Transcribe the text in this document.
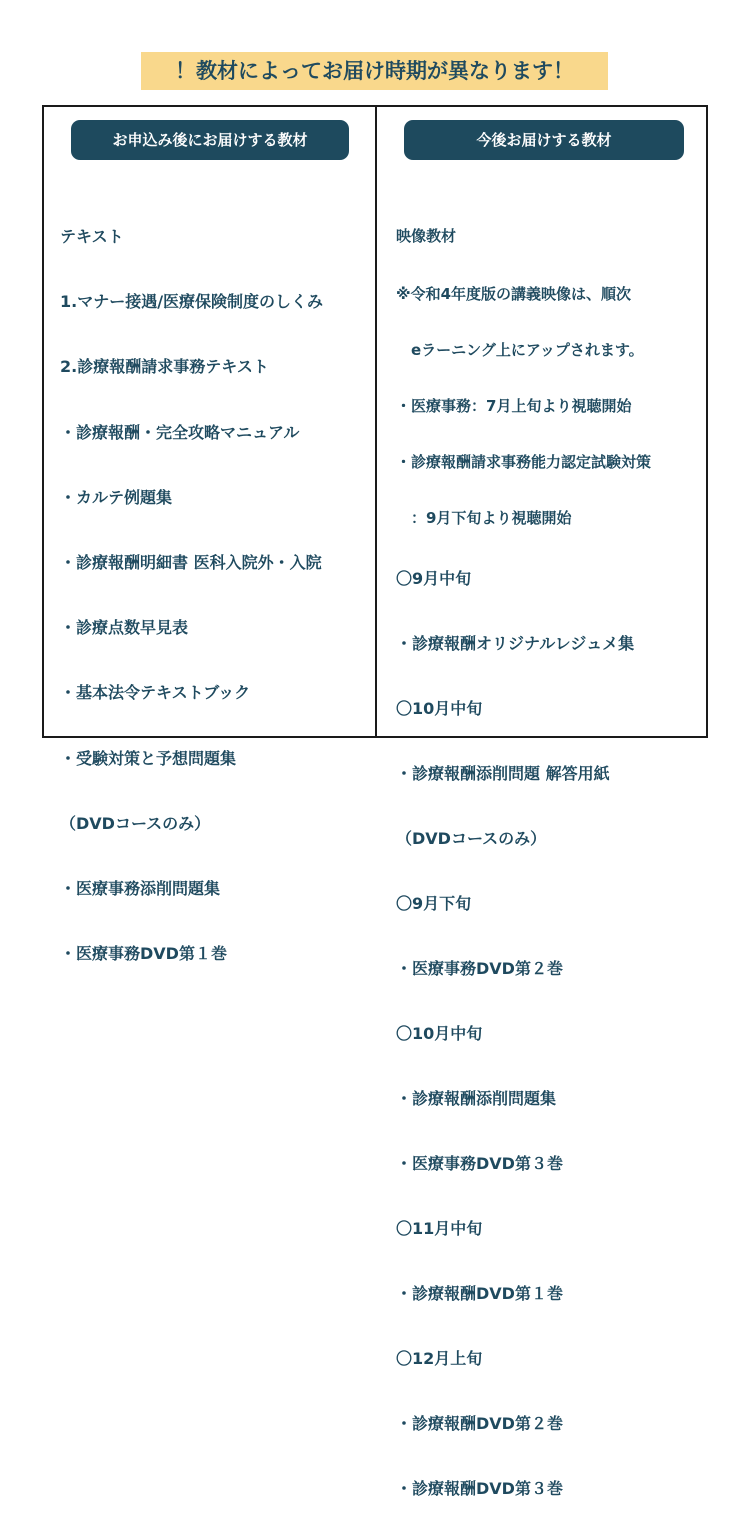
！教材によってお届け時期が異なります！
お申込み後にお届けする教材	今後お届けする教材

テキスト

1.マナー接遇/医療保険制度のしくみ

2.診療報酬請求事務テキスト

・診療報酬・完全攻略マニュアル

・カルテ例題集

・診療報酬明細書 医科入院外・入院

・診療点数早見表

・基本法令テキストブック

・受験対策と予想問題集

（DVDコースのみ）

・医療事務添削問題集

・医療事務DVD第１巻

映像教材

※令和4年度版の講義映像は、順次

　eラーニング上にアップされます。

・医療事務：7月上旬より視聴開始

・診療報酬請求事務能力認定試験対策

　：9月下旬より視聴開始

〇9月中旬

・診療報酬オリジナルレジュメ集

〇10月中旬

・診療報酬添削問題 解答用紙

（DVDコースのみ）

〇9月下旬

・医療事務DVD第２巻

〇10月中旬

・診療報酬添削問題集

・医療事務DVD第３巻

〇11月中旬

・診療報酬DVD第１巻

〇12月上旬

・診療報酬DVD第２巻

・診療報酬DVD第３巻
